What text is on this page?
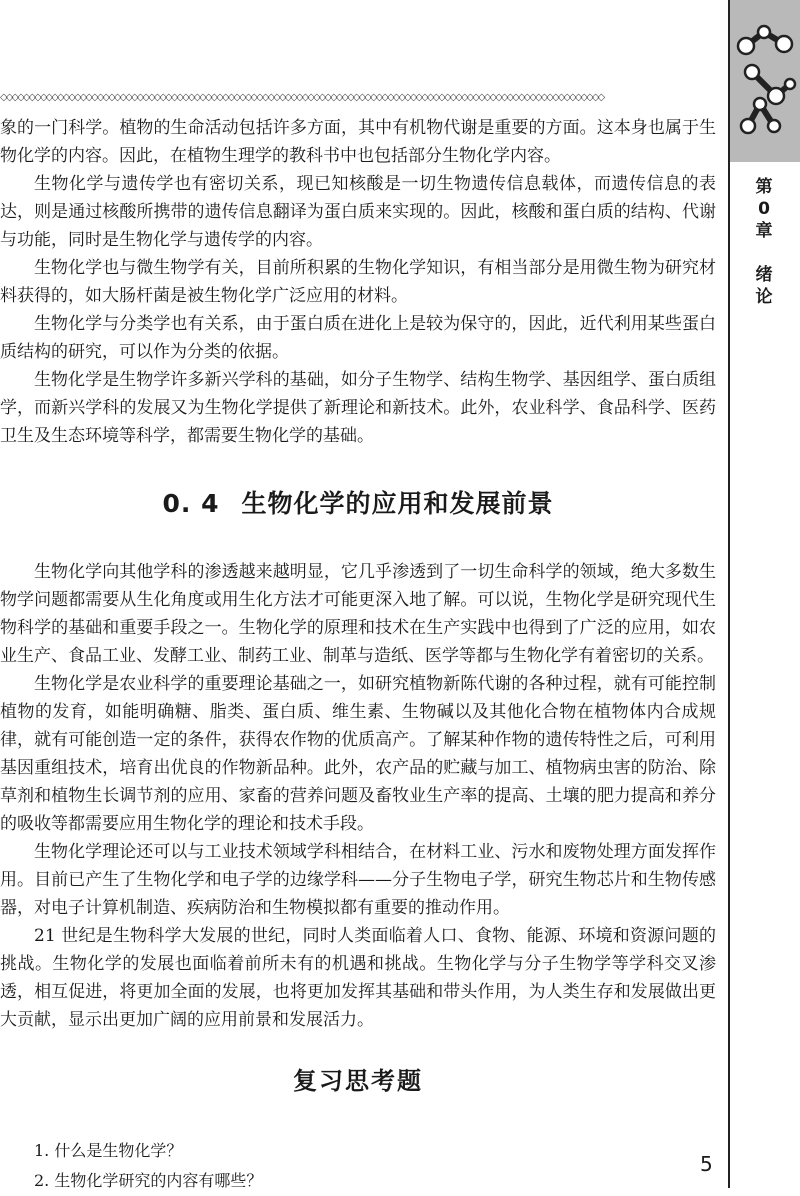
◇◇◇◇◇◇◇◇◇◇◇◇◇◇◇◇◇◇◇◇◇◇◇◇◇◇◇◇◇◇◇◇◇◇◇◇◇◇◇◇◇◇◇◇◇◇◇◇◇◇◇◇◇◇◇◇◇◇◇◇◇◇◇◇◇◇◇◇◇◇◇◇◇◇◇◇◇◇◇◇◇◇◇◇◇◇◇◇◇◇◇◇◇◇◇◇◇◇◇◇◇◇◇◇◇◇
第
0
章
绪
论

象的一门科学。植物的生命活动包括许多方面，其中有机物代谢是重要的方面。这本身也属于生物化学的内容。因此，在植物生理学的教科书中也包括部分生物化学内容。

生物化学与遗传学也有密切关系，现已知核酸是一切生物遗传信息载体，而遗传信息的表达，则是通过核酸所携带的遗传信息翻译为蛋白质来实现的。因此，核酸和蛋白质的结构、代谢与功能，同时是生物化学与遗传学的内容。

生物化学也与微生物学有关，目前所积累的生物化学知识，有相当部分是用微生物为研究材料获得的，如大肠杆菌是被生物化学广泛应用的材料。

生物化学与分类学也有关系，由于蛋白质在进化上是较为保守的，因此，近代利用某些蛋白质结构的研究，可以作为分类的依据。

生物化学是生物学许多新兴学科的基础，如分子生物学、结构生物学、基因组学、蛋白质组学，而新兴学科的发展又为生物化学提供了新理论和新技术。此外，农业科学、食品科学、医药卫生及生态环境等科学，都需要生物化学的基础。

0. 4 生物化学的应用和发展前景

生物化学向其他学科的渗透越来越明显，它几乎渗透到了一切生命科学的领域，绝大多数生物学问题都需要从生化角度或用生化方法才可能更深入地了解。可以说，生物化学是研究现代生物科学的基础和重要手段之一。生物化学的原理和技术在生产实践中也得到了广泛的应用，如农业生产、食品工业、发酵工业、制药工业、制革与造纸、医学等都与生物化学有着密切的关系。

生物化学是农业科学的重要理论基础之一，如研究植物新陈代谢的各种过程，就有可能控制植物的发育，如能明确糖、脂类、蛋白质、维生素、生物碱以及其他化合物在植物体内合成规律，就有可能创造一定的条件，获得农作物的优质高产。了解某种作物的遗传特性之后，可利用基因重组技术，培育出优良的作物新品种。此外，农产品的贮藏与加工、植物病虫害的防治、除草剂和植物生长调节剂的应用、家畜的营养问题及畜牧业生产率的提高、土壤的肥力提高和养分的吸收等都需要应用生物化学的理论和技术手段。

生物化学理论还可以与工业技术领域学科相结合，在材料工业、污水和废物处理方面发挥作用。目前已产生了生物化学和电子学的边缘学科——分子生物电子学，研究生物芯片和生物传感器，对电子计算机制造、疾病防治和生物模拟都有重要的推动作用。

21 世纪是生物科学大发展的世纪，同时人类面临着人口、食物、能源、环境和资源问题的挑战。生物化学的发展也面临着前所未有的机遇和挑战。生物化学与分子生物学等学科交叉渗透，相互促进，将更加全面的发展，也将更加发挥其基础和带头作用，为人类生存和发展做出更大贡献，显示出更加广阔的应用前景和发展活力。

复习思考题
1. 什么是生物化学？
2. 生物化学研究的内容有哪些？
5
